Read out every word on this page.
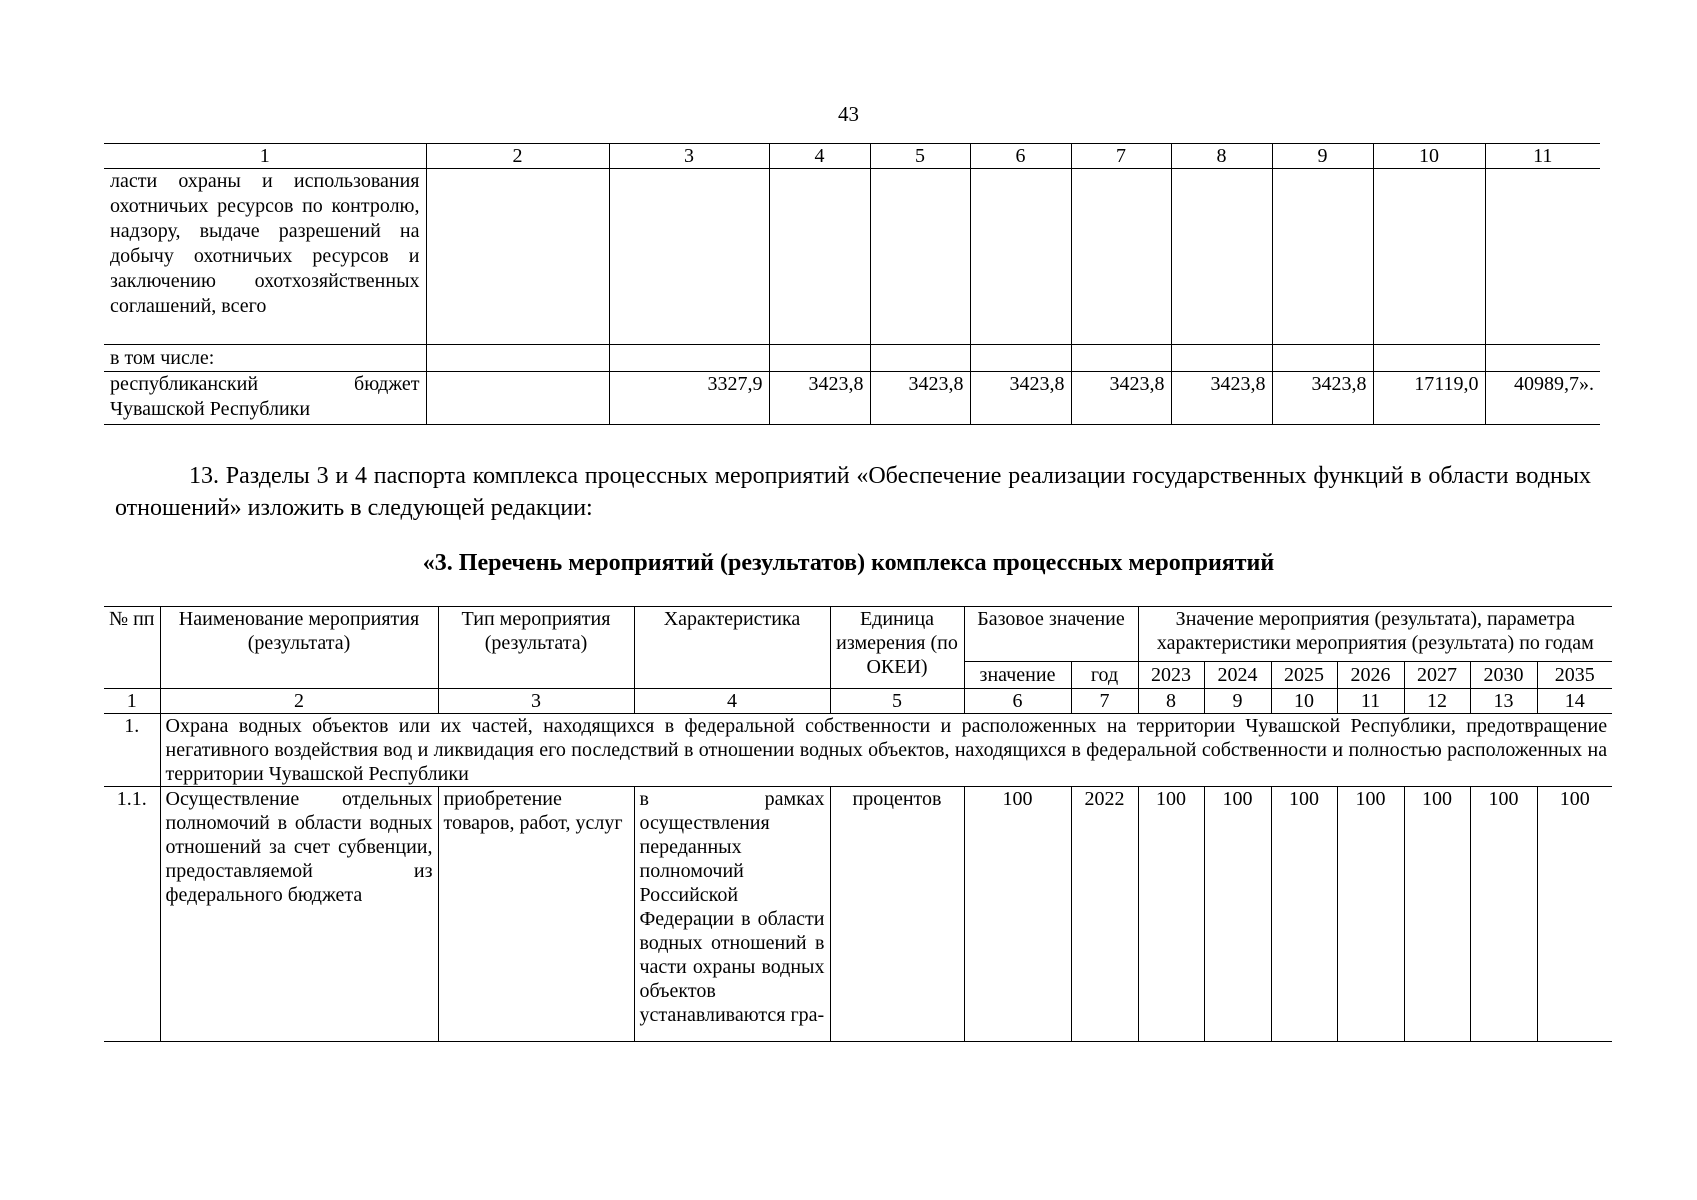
43
1	2	3	4	5	6	7	8	9	10	11
ласти охраны и использования охотничьих ресурсов по контролю, надзору, выдаче разрешений на добычу охотничьих ресурсов и заключению охотхозяйственных соглашений, всего										
в том числе:										
республиканский бюджет Чувашской Республики		3327,9	3423,8	3423,8	3423,8	3423,8	3423,8	3423,8	17119,0	40989,7».
13. Разделы 3 и 4 паспорта комплекса процессных мероприятий «Обеспечение реализации государственных функций в области водных отношений» изложить в следующей редакции:
«3. Перечень мероприятий (результатов) комплекса процессных мероприятий
№ пп	Наименование мероприятия (результата)	Тип мероприятия (результата)	Характеристика	Единица измерения (по ОКЕИ)	Базовое значение		Значение мероприятия (результата), параметра характеристики мероприятия (результата) по годам						
					значение	год	2023	2024	2025	2026	2027	2030	2035
1	2	3	4	5	6	7	8	9	10	11	12	13	14
1.	Охрана водных объектов или их частей, находящихся в федеральной собственности и расположенных на территории Чувашской Республики, предотвращение негативного воздействия вод и ликвидация его последствий в отношении водных объектов, находящихся в федеральной собственности и полностью расположенных на территории Чувашской Республики												
1.1.	Осуществление отдельных полномочий в области водных отношений за счет субвенции, предоставляемой из федерального бюджета	приобретение товаров, работ, услуг	в рамках осуществления переданных полномочий Российской Федерации в области водных отношений в части охраны водных объектов устанавливаются гра-	процентов	100	2022	100	100	100	100	100	100	100
